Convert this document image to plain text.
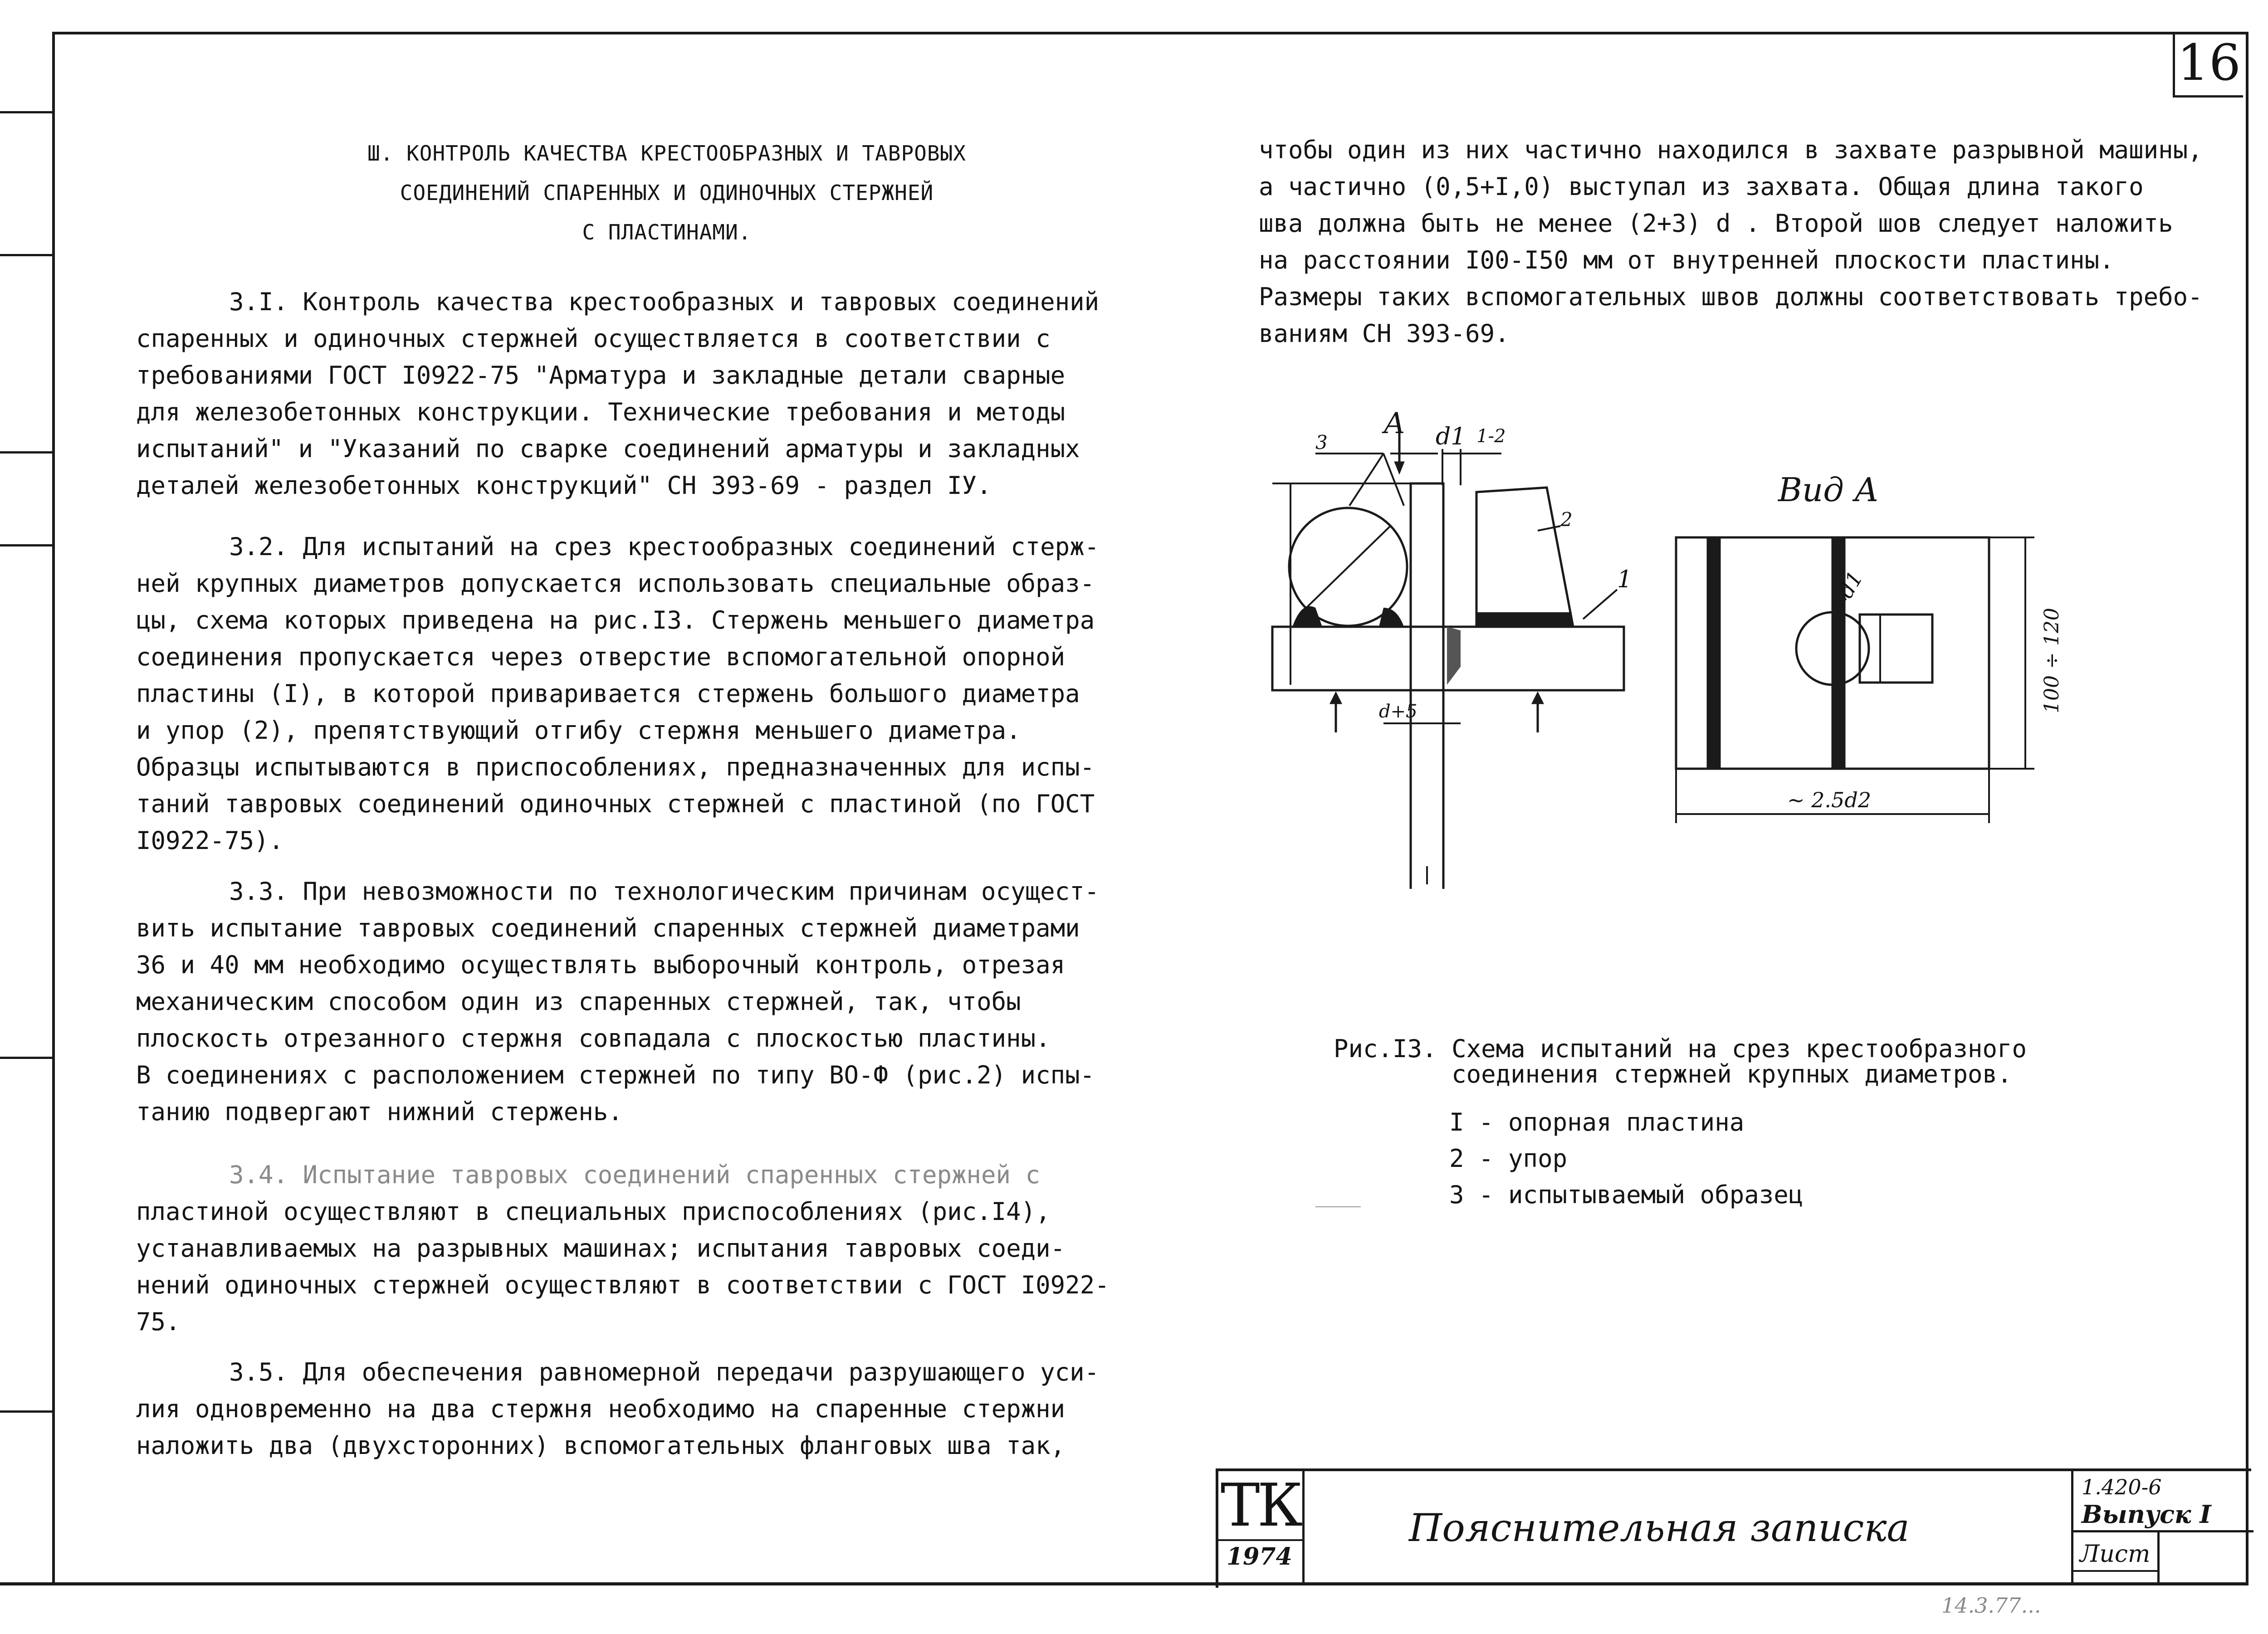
16
Ш. КОНТРОЛЬ КАЧЕСТВА КРЕСТООБРАЗНЫХ И ТАВРОВЫХ
СОЕДИНЕНИЙ СПАРЕННЫХ И ОДИНОЧНЫХ СТЕРЖНЕЙ
С ПЛАСТИНАМИ.
3.I. Контроль качества крестообразных и тавровых соединений
спаренных и одиночных стержней осуществляется в соответствии с
требованиями ГОСТ I0922-75 "Арматура и закладные детали сварные
для железобетонных конструкции. Технические требования и методы
испытаний" и "Указаний по сварке соединений арматуры и закладных
деталей железобетонных конструкций" СН 393-69 - раздел IУ.
3.2. Для испытаний на срез крестообразных соединений стерж-
ней крупных диаметров допускается использовать специальные образ-
цы, схема которых приведена на рис.I3. Стержень меньшего диаметра
соединения пропускается через отверстие вспомогательной опорной
пластины (I), в которой привариваетcя стержень большого диаметра
и упор (2), препятствующий отгибу стержня меньшего диаметра.
Образцы испытываются в приспособлениях, предназначенных для испы-
таний тавровых соединений одиночных стержней с пластиной (по ГОСТ
I0922-75).
3.3. При невозможности по технологическим причинам осущест-
вить испытание тавровых соединений спаренных стержней диаметрами
36 и 40 мм необходимо осуществлять выборочный контроль, отрезая
механическим способом один из спаренных стержней, так, чтобы
плоскость отрезанного стержня совпадала с плоскостью пластины.
В соединениях с расположением стержней по типу ВО-Ф (рис.2) испы-
танию подвергают нижний стержень.
3.4. Испытание тавровых соединений спаренных стержней с
пластиной осуществляют в специальных приспособлениях (рис.I4),
устанавливаемых на разрывных машинах; испытания тавровых соеди-
нений одиночных стержней осуществляют в соответствии с ГОСТ I0922-
75.
3.5. Для обеспечения равномерной передачи разрушающего уси-
лия одновременно на два стержня необходимо на спаренные стержни
наложить два (двухсторонних) вспомогательных фланговых шва так,
чтобы один из них частично находился в захвате разрывной машины,
а частично (0,5+I,0) выступал из захвата. Общая длина такого
шва должна быть не менее (2+3) d . Второй шов следует наложить
на расстоянии I00-I50 мм от внутренней плоскости пластины.
Размеры таких вспомогательных швов должны соответствовать требо-
ваниям СН 393-69.
А
3	d1 1-2
2
1
d+5
Вид А
d1
100 ÷ 120
~ 2.5d2
Рис.I3. Схема испытаний на срез крестообразного
соединения стержней крупных диаметров.
I - опорная пластина
2 - упор
3 - испытываемый образец
ТК
1974
Пояснительная записка
1.420-6
Выпуск I
Лист
14.3.77...
